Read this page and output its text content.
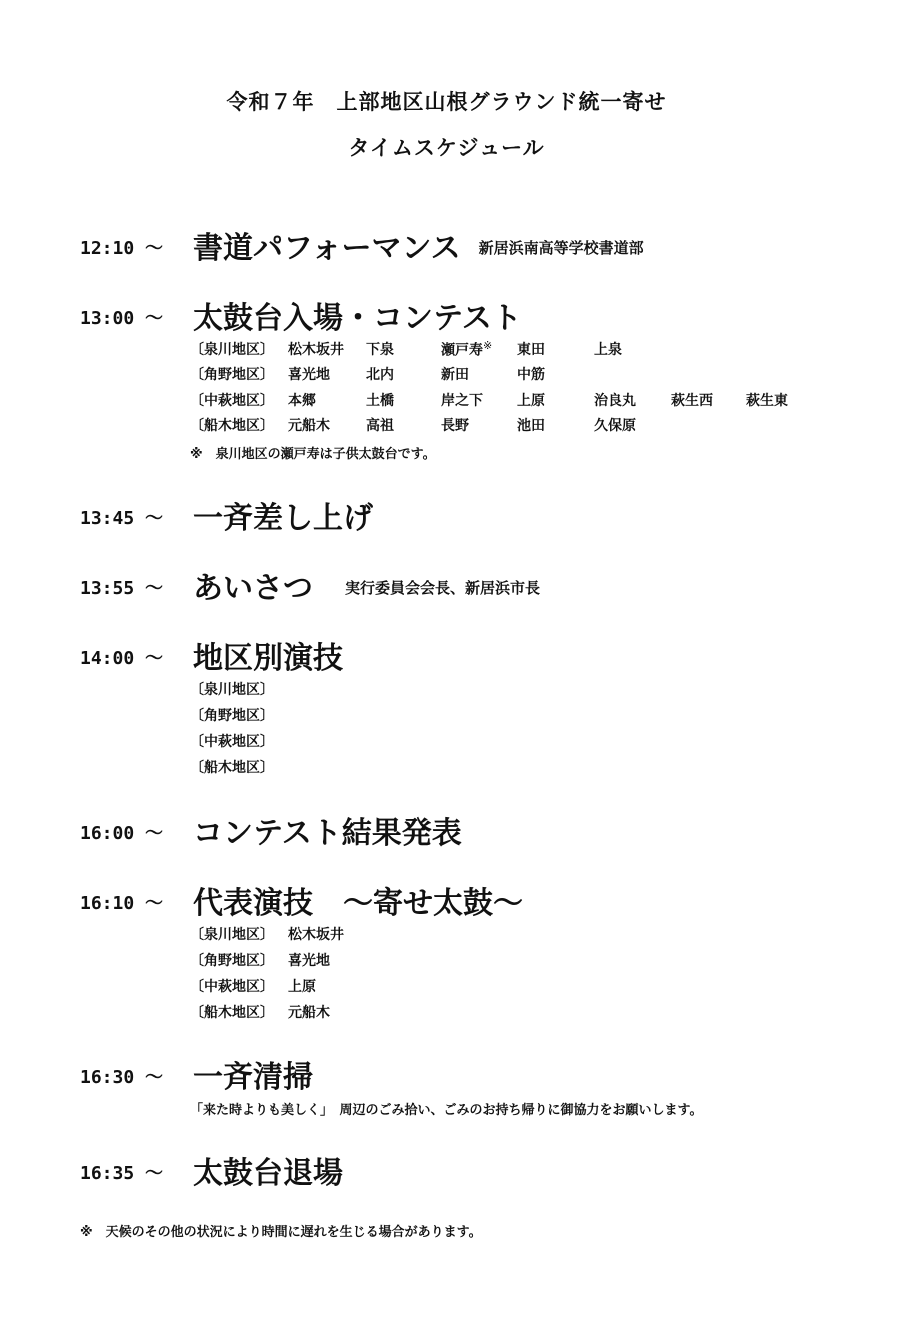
令和７年　上部地区山根グラウンド統一寄せ
タイムスケジュール
12:10 ～ 書道パフォーマンス $^{新居浜南高等学校書道部}$
13:00 ～ 太鼓台入場・コンテスト
〔泉川地区〕 松木坂井 下泉	瀬戸寿※ 東田	上泉
〔角野地区〕 喜光地	北内	新田	中筋
〔中萩地区〕 本郷	土橋	岸之下 上原	治良丸	萩生西 萩生東
〔船木地区〕 元船木	高祖	長野	池田	久保原
※　泉川地区の瀬戸寿は子供太鼓台です。
13:45 ～ 一斉差し上げ
13:55 ～ あいさつ $^{実行委員会会長、新居浜市長}$
14:00 ～ 地区別演技
〔泉川地区〕
〔角野地区〕
〔中萩地区〕
〔船木地区〕
16:00 ～ コンテスト結果発表
16:10 ～ 代表演技　～寄せ太鼓～
〔泉川地区〕 松木坂井
〔角野地区〕 喜光地
〔中萩地区〕 上原
〔船木地区〕 元船木
16:30 ～ 一斉清掃
「来た時よりも美しく」　周辺のごみ拾い、ごみのお持ち帰りに御協力をお願いします。
16:35 ～ 太鼓台退場
※　天候のその他の状況により時間に遅れを生じる場合があります。
